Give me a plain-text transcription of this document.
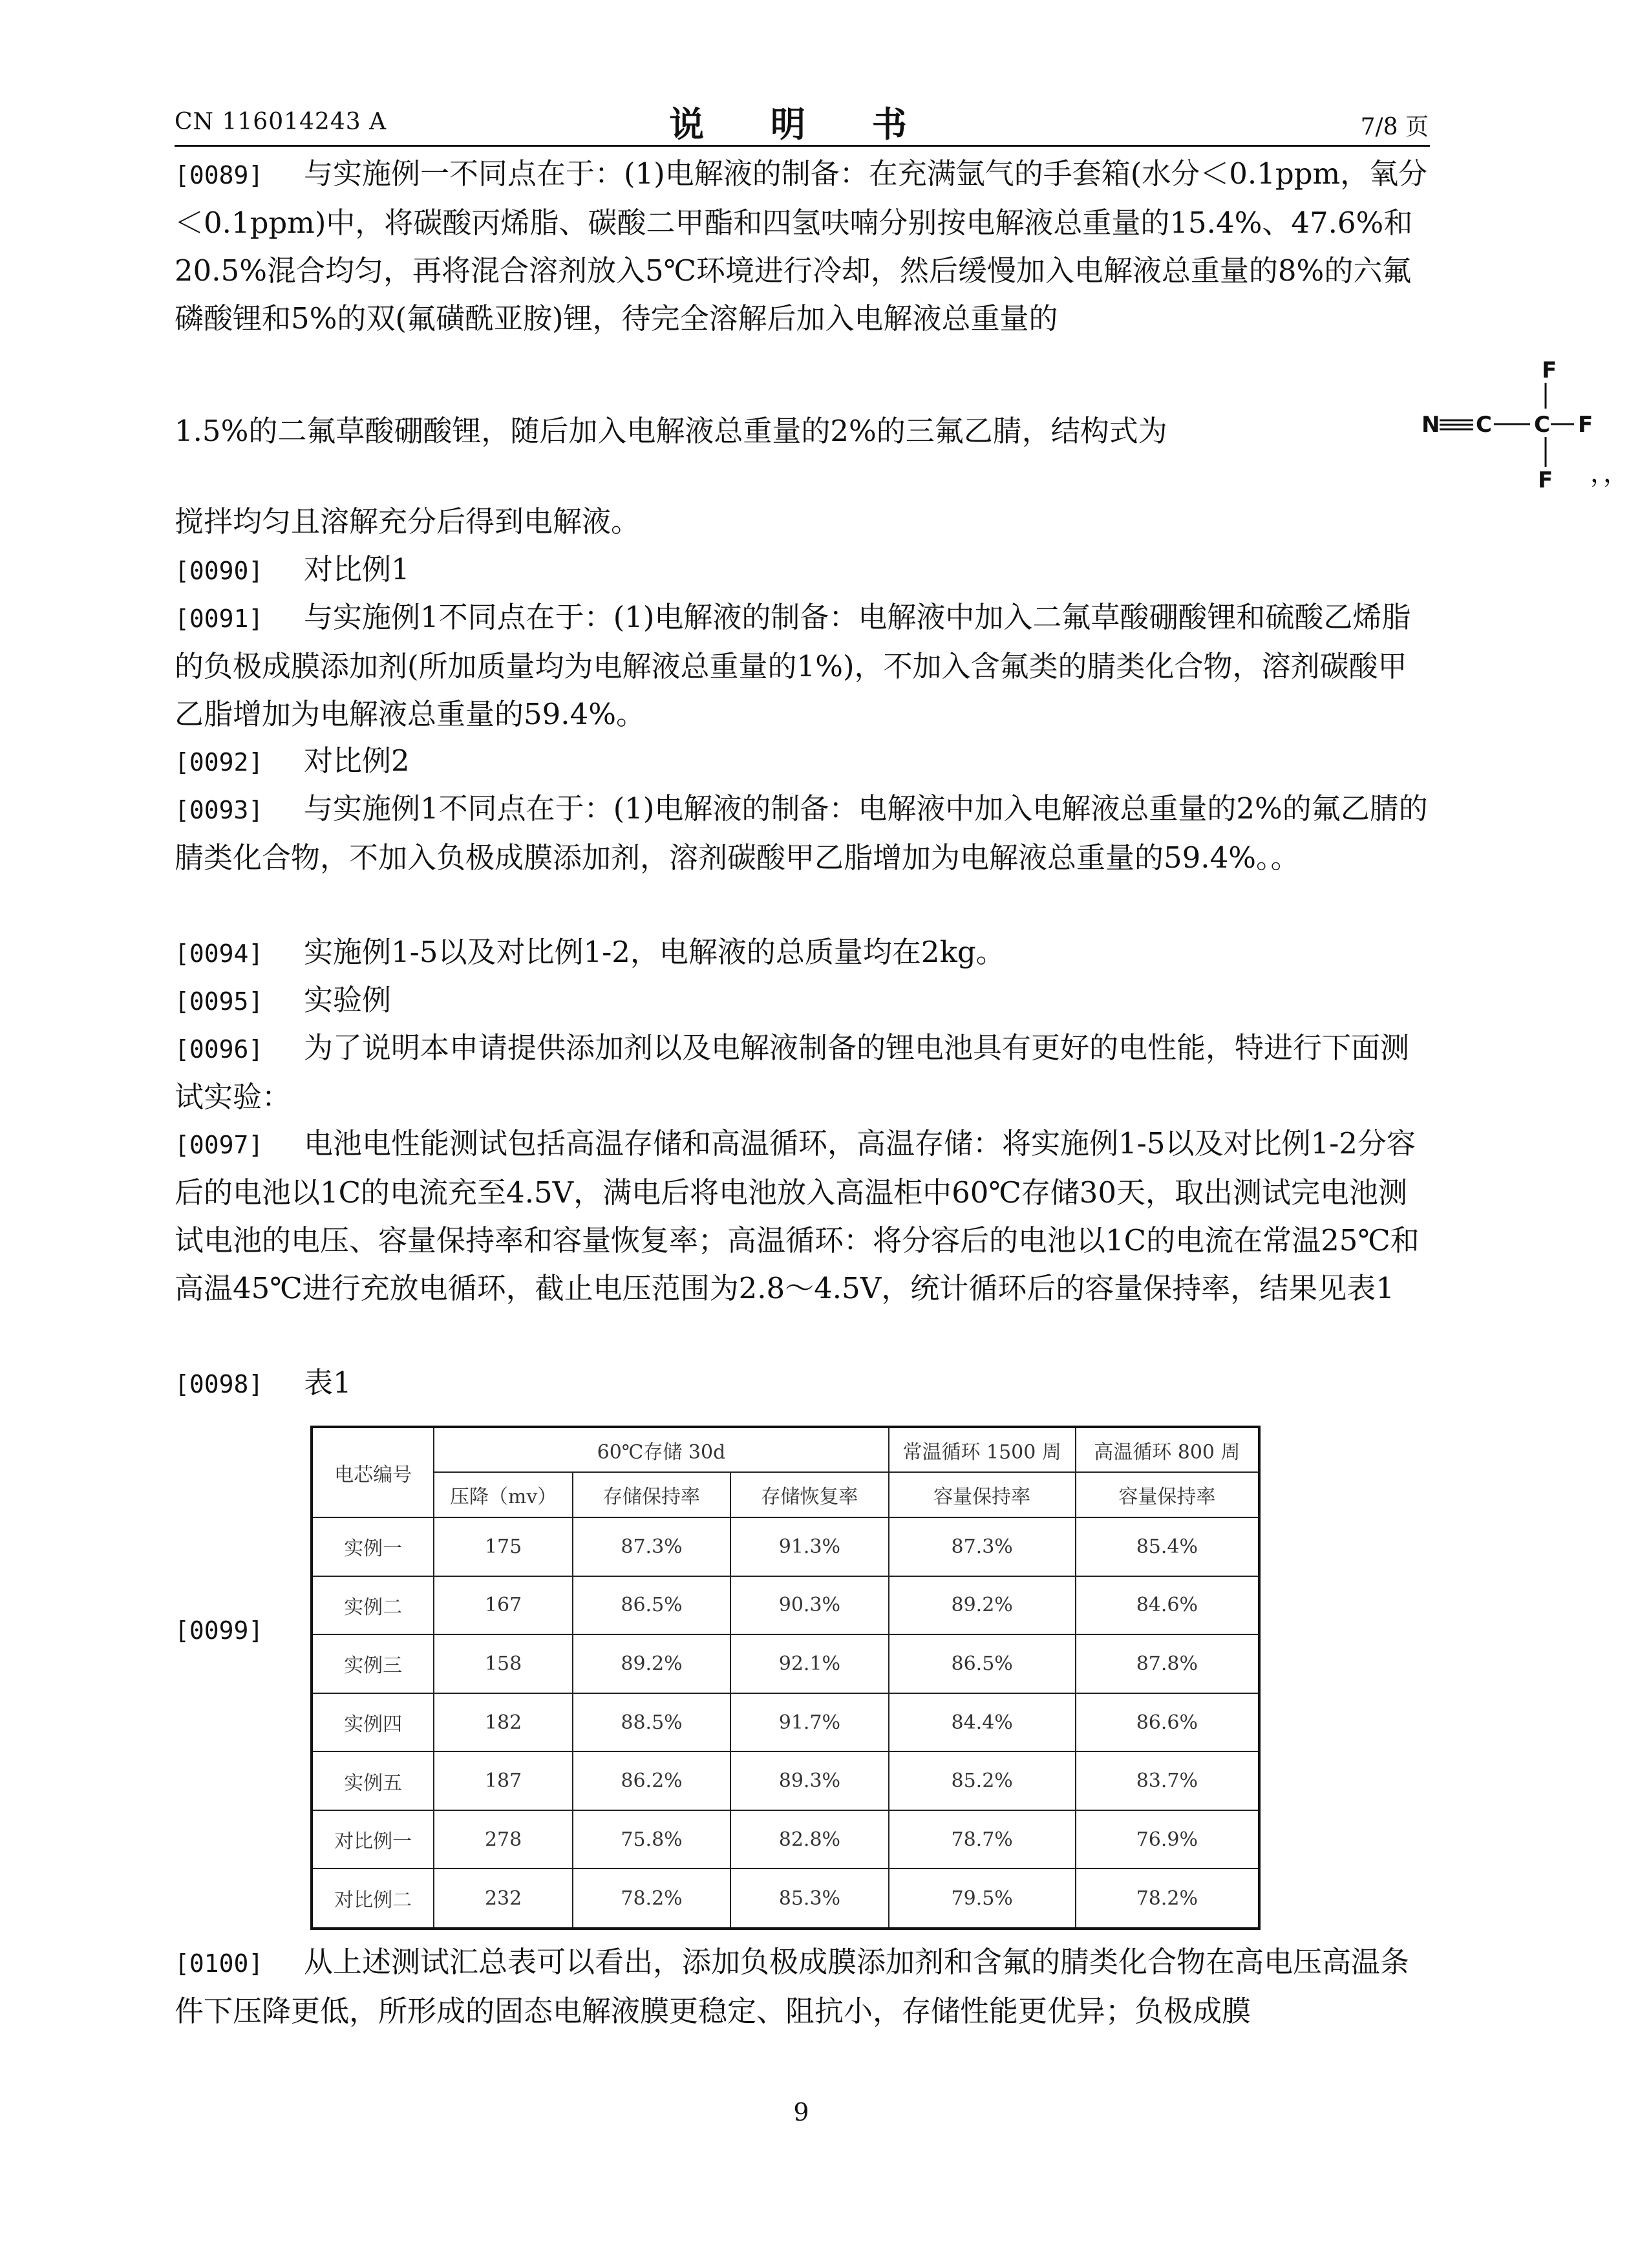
CN 116014243 A	说 明 书	7/8 页
[0089] 与实施例一不同点在于：(1)电解液的制备：在充满氩气的手套箱(水分＜0.1ppm，氧分＜0.1ppm)中，将碳酸丙烯脂、碳酸二甲酯和四氢呋喃分别按电解液总重量的15.4%、47.6%和20.5%混合均匀，再将混合溶剂放入5℃环境进行冷却，然后缓慢加入电解液总重量的8%的六氟磷酸锂和5%的双(氟磺酰亚胺)锂，待完全溶解后加入电解液总重量的
1.5%的二氟草酸硼酸锂，随后加入电解液总重量的2%的三氟乙腈，结构式为	N C C
F
F
F ，，
搅拌均匀且溶解充分后得到电解液。
[0090] 对比例1
[0091] 与实施例1不同点在于：(1)电解液的制备：电解液中加入二氟草酸硼酸锂和硫酸乙烯脂的负极成膜添加剂(所加质量均为电解液总重量的1%)，不加入含氟类的腈类化合物，溶剂碳酸甲乙脂增加为电解液总重量的59.4%。
[0092] 对比例2
[0093] 与实施例1不同点在于：(1)电解液的制备：电解液中加入电解液总重量的2%的氟乙腈的腈类化合物，不加入负极成膜添加剂，溶剂碳酸甲乙脂增加为电解液总重量的59.4%。。
[0094] 实施例1-5以及对比例1-2，电解液的总质量均在2kg。
[0095] 实验例
[0096] 为了说明本申请提供添加剂以及电解液制备的锂电池具有更好的电性能，特进行下面测试实验：
[0097] 电池电性能测试包括高温存储和高温循环，高温存储：将实施例1-5以及对比例1-2分容后的电池以1C的电流充至4.5V，满电后将电池放入高温柜中60℃存储30天，取出测试完电池测试电池的电压、容量保持率和容量恢复率；高温循环：将分容后的电池以1C的电流在常温25℃和高温45℃进行充放电循环，截止电压范围为2.8～4.5V，统计循环后的容量保持率，结果见表1
[0098] 表1
[0099]
电芯编号	60℃存储 30d			常温循环 1500 周	高温循环 800 周
	压降（mv）	存储保持率	存储恢复率	容量保持率	容量保持率
实例一	175	87.3%	91.3%	87.3%	85.4%
实例二	167	86.5%	90.3%	89.2%	84.6%
实例三	158	89.2%	92.1%	86.5%	87.8%
实例四	182	88.5%	91.7%	84.4%	86.6%
实例五	187	86.2%	89.3%	85.2%	83.7%
对比例一	278	75.8%	82.8%	78.7%	76.9%
对比例二	232	78.2%	85.3%	79.5%	78.2%
[0100] 从上述测试汇总表可以看出，添加负极成膜添加剂和含氟的腈类化合物在高电压高温条件下压降更低，所形成的固态电解液膜更稳定、阻抗小，存储性能更优异；负极成膜
9
